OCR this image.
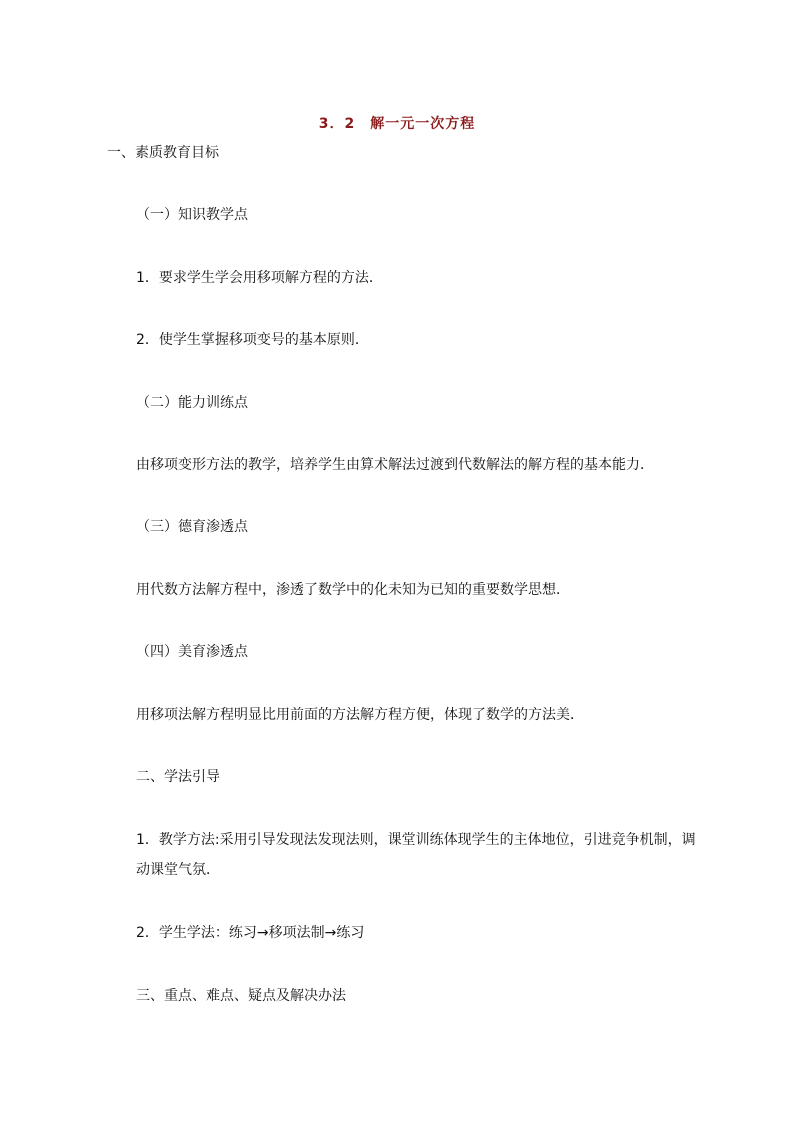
3．2　解一元一次方程
一、素质教育目标
（一）知识教学点
1．要求学生学会用移项解方程的方法．
2．使学生掌握移项变号的基本原则．
（二）能力训练点
由移项变形方法的教学，培养学生由算术解法过渡到代数解法的解方程的基本能力．
（三）德育渗透点
用代数方法解方程中，渗透了数学中的化未知为已知的重要数学思想．
（四）美育渗透点
用移项法解方程明显比用前面的方法解方程方便，体现了数学的方法美．
二、学法引导
1．教学方法:采用引导发现法发现法则，课堂训练体现学生的主体地位，引进竞争机制，调动课堂气氛．
2．学生学法：练习→移项法制→练习
三、重点、难点、疑点及解决办法
